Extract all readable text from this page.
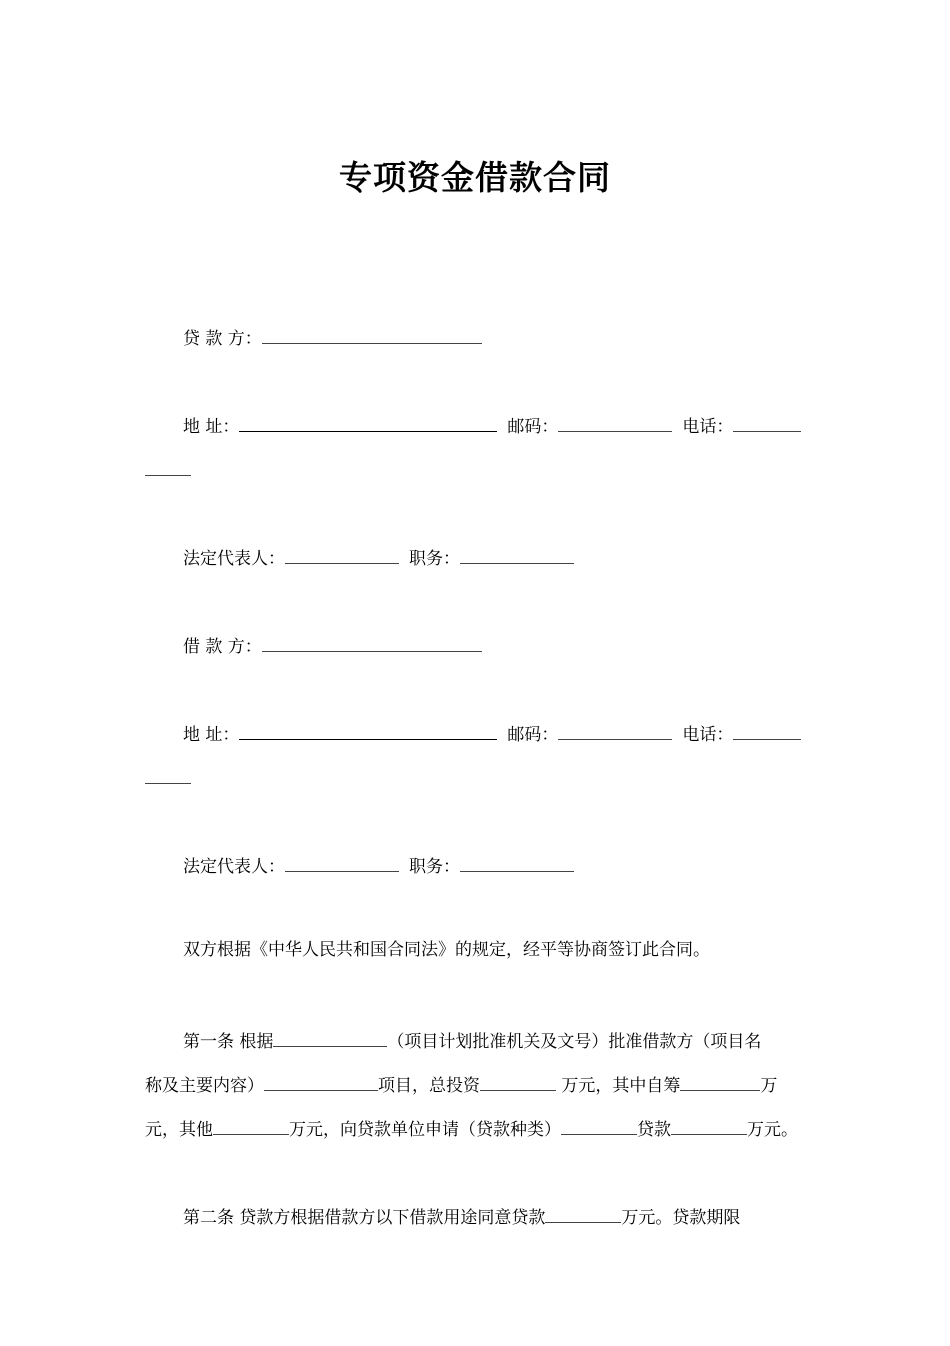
专项资金借款合同
贷 款 方：
地 址：	邮码：	电话：
法定代表人：	职务：
借 款 方：
地 址：	邮码：	电话：
法定代表人：	职务：
双方根据《中华人民共和国合同法》的规定，经平等协商签订此合同。
第一条 根据	（项目计划批准机关及文号）批准借款方（项目名
称及主要内容）	项目，总投资	万元，其中自筹	万
元，其他	万元，向贷款单位申请（贷款种类）	贷款	万元。
第二条 贷款方根据借款方以下借款用途同意贷款	万元。贷款期限
